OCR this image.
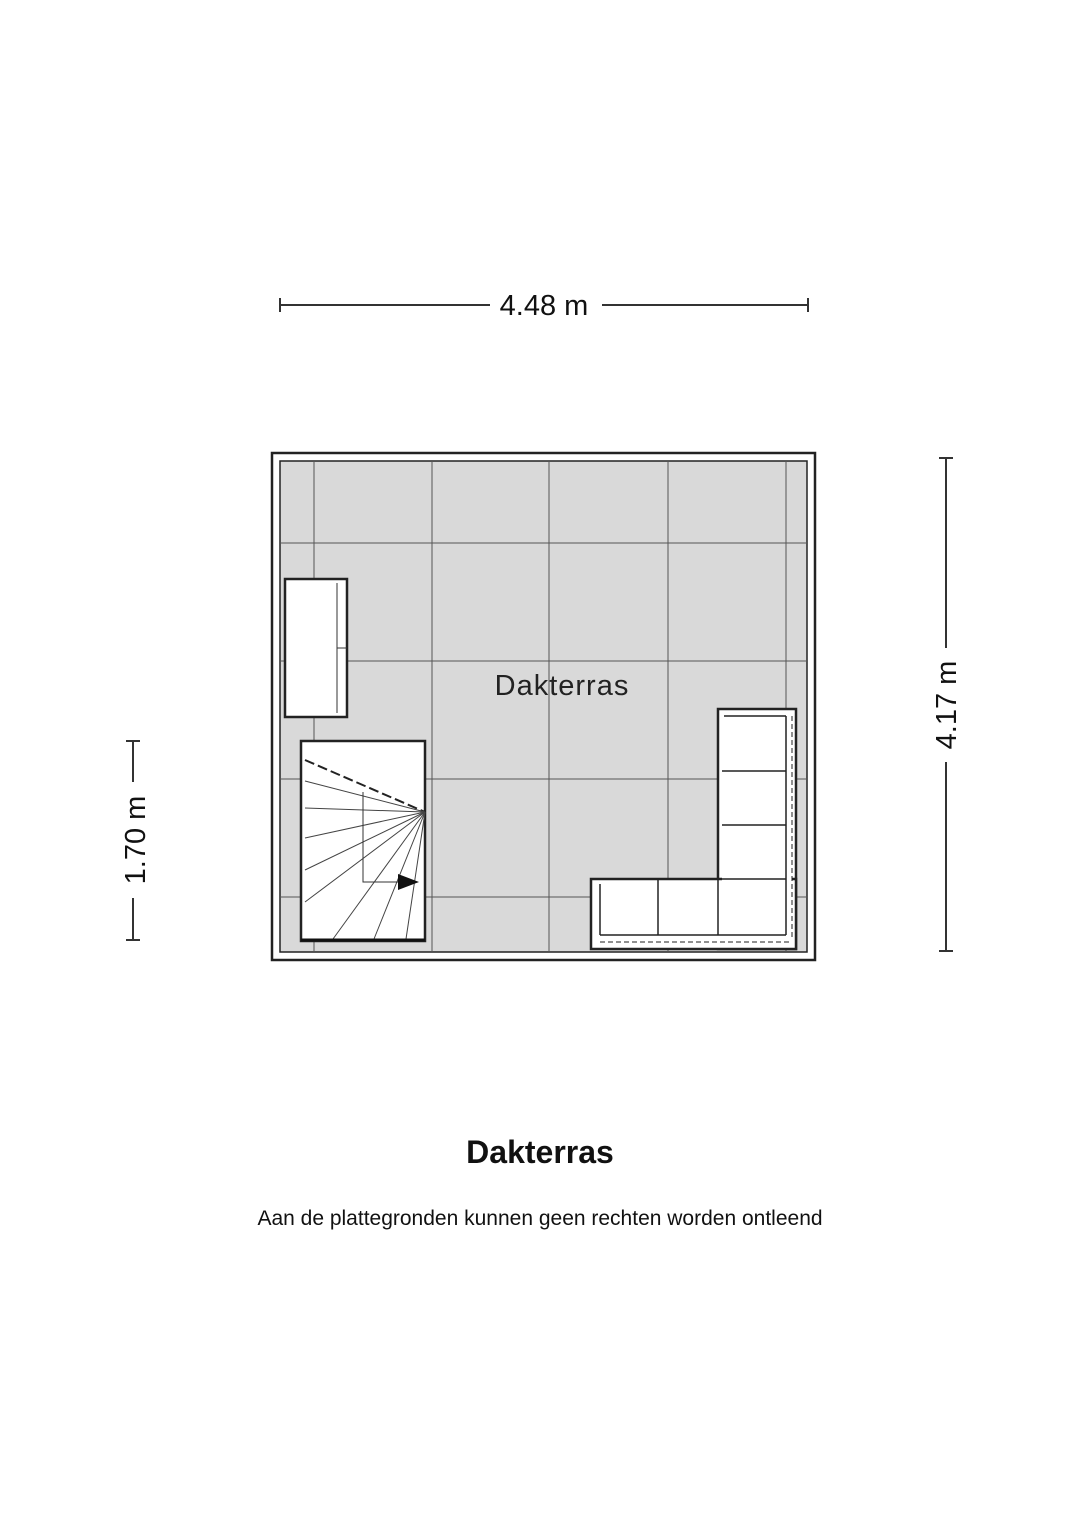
4.48 m
4.17 m
1.70 m
Dakterras
Dakterras
Aan de plattegronden kunnen geen rechten worden ontleend
